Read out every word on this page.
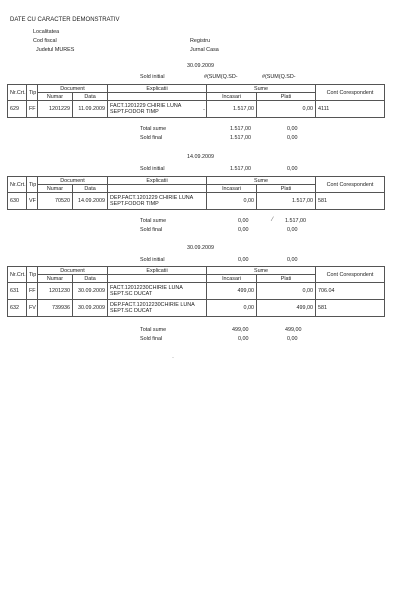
DATE CU CARACTER DEMONSTRATIV
Localitatea
Cod fiscal	Registru
Judetul MURES	Jurnal Casa
30.09.2009
Sold initial	#(SUM(Q.SD-	#(SUM(Q.SD-
Nr.Crt.	Tip	Document		Explicatii	Sume		Cont Corespondent
		Numar	Data		Incasari	Plati	
629	FF	1201229	11.09.2009	FACT.1201229 CHIRIE LUNA SEPT.FODOR TIMP	1.517,00	0,00	4111
-
Total sume	1.517,00	0,00
Sold final	1.517,00	0,00
14.09.2009
Sold initial	1.517,00	0,00
Nr.Crt.	Tip	Document		Explicatii	Sume		Cont Corespondent
		Numar	Data		Incasari	Plati	
630	VF	70520	14.09.2009	DEP.FACT.1201229 CHIRIE LUNA SEPT.FODOR TIMP	0,00	1.517,00	581
Total sume	0,00	⁄ 1.517,00
Sold final	0,00	0,00
30.09.2009
Sold initial	0,00	0,00
Nr.Crt.	Tip	Document		Explicatii	Sume		Cont Corespondent
		Numar	Data		Incasari	Plati	
631	FF	1201230	30.09.2009	FACT.12012230CHIRIE LUNA SEPT.SC DUCAT	499,00	0,00	706.04
632	FV	739936	30.09.2009	DEP.FACT.12012230CHIRIE LUNA SEPT.SC DUCAT	0,00	499,00	581
Total sume	499,00	499,00
Sold final	0,00	0,00
·
